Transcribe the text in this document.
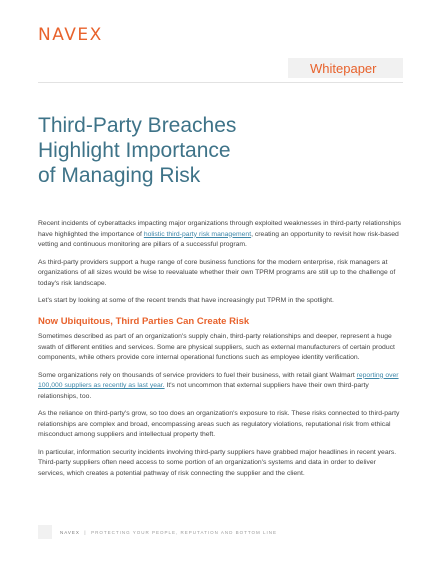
NAVEX
Whitepaper
Third-Party Breaches
Highlight Importance
of Managing Risk

Recent incidents of cyberattacks impacting major organizations through exploited weaknesses in third-party relationships have highlighted the importance of holistic third-party risk management, creating an opportunity to revisit how risk-based vetting and continuous monitoring are pillars of a successful program.

As third-party providers support a huge range of core business functions for the modern enterprise, risk managers at organizations of all sizes would be wise to reevaluate whether their own TPRM programs are still up to the challenge of today's risk landscape.

Let's start by looking at some of the recent trends that have increasingly put TPRM in the spotlight.

Now Ubiquitous, Third Parties Can Create Risk

Sometimes described as part of an organization's supply chain, third-party relationships and deeper, represent a huge swath of different entities and services. Some are physical suppliers, such as external manufacturers of certain product components, while others provide core internal operational functions such as employee identity verification.

Some organizations rely on thousands of service providers to fuel their business, with retail giant Walmart reporting over 100,000 suppliers as recently as last year. It's not uncommon that external suppliers have their own third-party relationships, too.

As the reliance on third-party's grow, so too does an organization's exposure to risk. These risks connected to third-party relationships are complex and broad, encompassing areas such as regulatory violations, reputational risk from ethical misconduct among suppliers and intellectual property theft.

In particular, information security incidents involving third-party suppliers have grabbed major headlines in recent years. Third-party suppliers often need access to some portion of an organization's systems and data in order to deliver services, which creates a potential pathway of risk connecting the supplier and the client.

NAVEX  |  PROTECTING YOUR PEOPLE, REPUTATION AND BOTTOM LINE
